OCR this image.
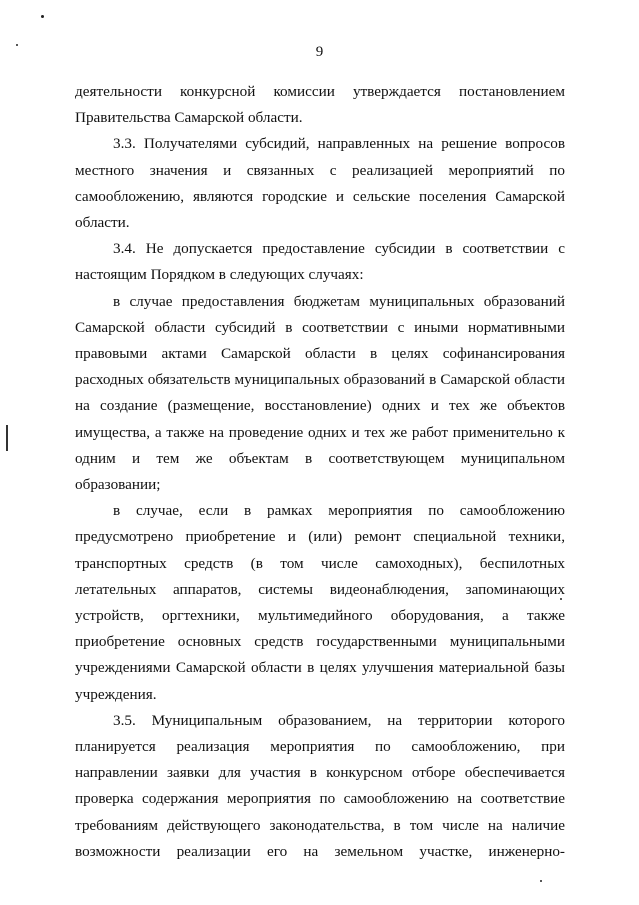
9

деятельности конкурсной комиссии утверждается постановлением

Правительства Самарской области.

3.3. Получателями субсидий, направленных на решение вопросов

местного значения и связанных с реализацией мероприятий по

самообложению, являются городские и сельские поселения Самарской

области.

3.4. Не допускается предоставление субсидии в соответствии с

настоящим Порядком в следующих случаях:

в случае предоставления бюджетам муниципальных образований

Самарской области субсидий в соответствии с иными нормативными

правовыми актами Самарской области в целях софинансирования

расходных обязательств муниципальных образований в Самарской области

на создание (размещение, восстановление) одних и тех же объектов

имущества, а также на проведение одних и тех же работ применительно к

одним и тем же объектам в соответствующем муниципальном

образовании;

в случае, если в рамках мероприятия по самообложению

предусмотрено приобретение и (или) ремонт специальной техники,

транспортных средств (в том числе самоходных), беспилотных

летательных аппаратов, системы видеонаблюдения, запоминающих

устройств, оргтехники, мультимедийного оборудования, а также

приобретение основных средств государственными муниципальными

учреждениями Самарской области в целях улучшения материальной базы

учреждения.

3.5. Муниципальным образованием, на территории которого

планируется реализация мероприятия по самообложению, при

направлении заявки для участия в конкурсном отборе обеспечивается

проверка содержания мероприятия по самообложению на соответствие

требованиям действующего законодательства, в том числе на наличие

возможности реализации его на земельном участке, инженерно-
